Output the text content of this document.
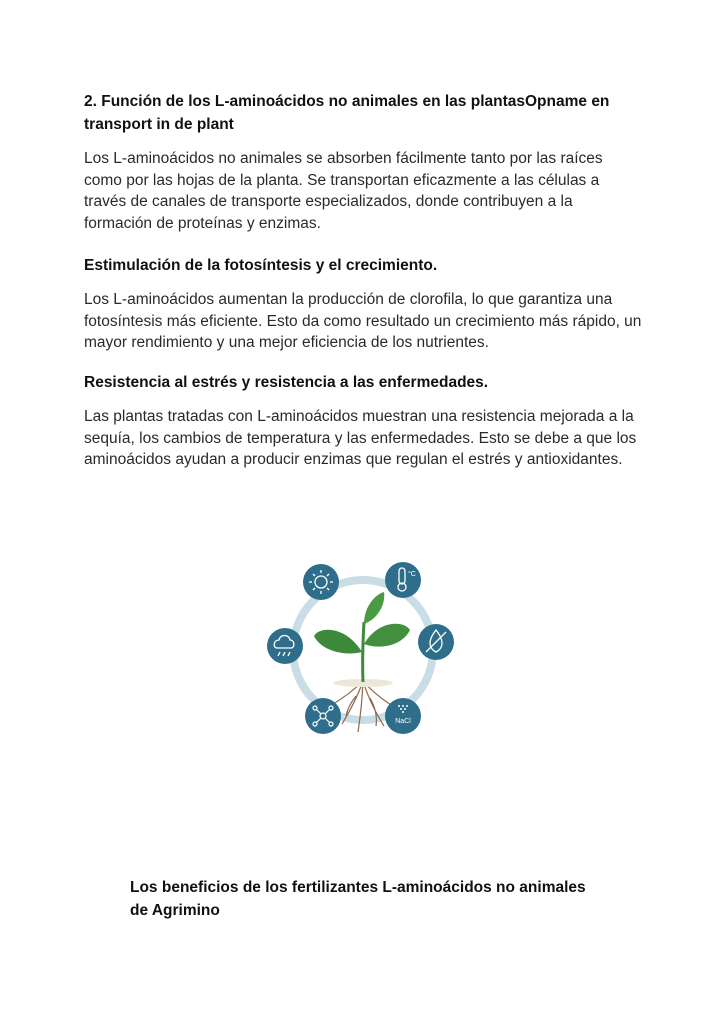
2. Función de los L-aminoácidos no animales en las plantasOpname en transport in de plant

Los L-aminoácidos no animales se absorben fácilmente tanto por las raíces como por las hojas de la planta. Se transportan eficazmente a las células a través de canales de transporte especializados, donde contribuyen a la formación de proteínas y enzimas.

Estimulación de la fotosíntesis y el crecimiento.

Los L-aminoácidos aumentan la producción de clorofila, lo que garantiza una fotosíntesis más eficiente. Esto da como resultado un crecimiento más rápido, un mayor rendimiento y una mejor eficiencia de los nutrientes.

Resistencia al estrés y resistencia a las enfermedades.

Las plantas tratadas con L-aminoácidos muestran una resistencia mejorada a la sequía, los cambios de temperatura y las enfermedades. Esto se debe a que los aminoácidos ayudan a producir enzimas que regulan el estrés y antioxidantes.

°C
NaCl
Los beneficios de los fertilizantes L-aminoácidos no animales de Agrimino
